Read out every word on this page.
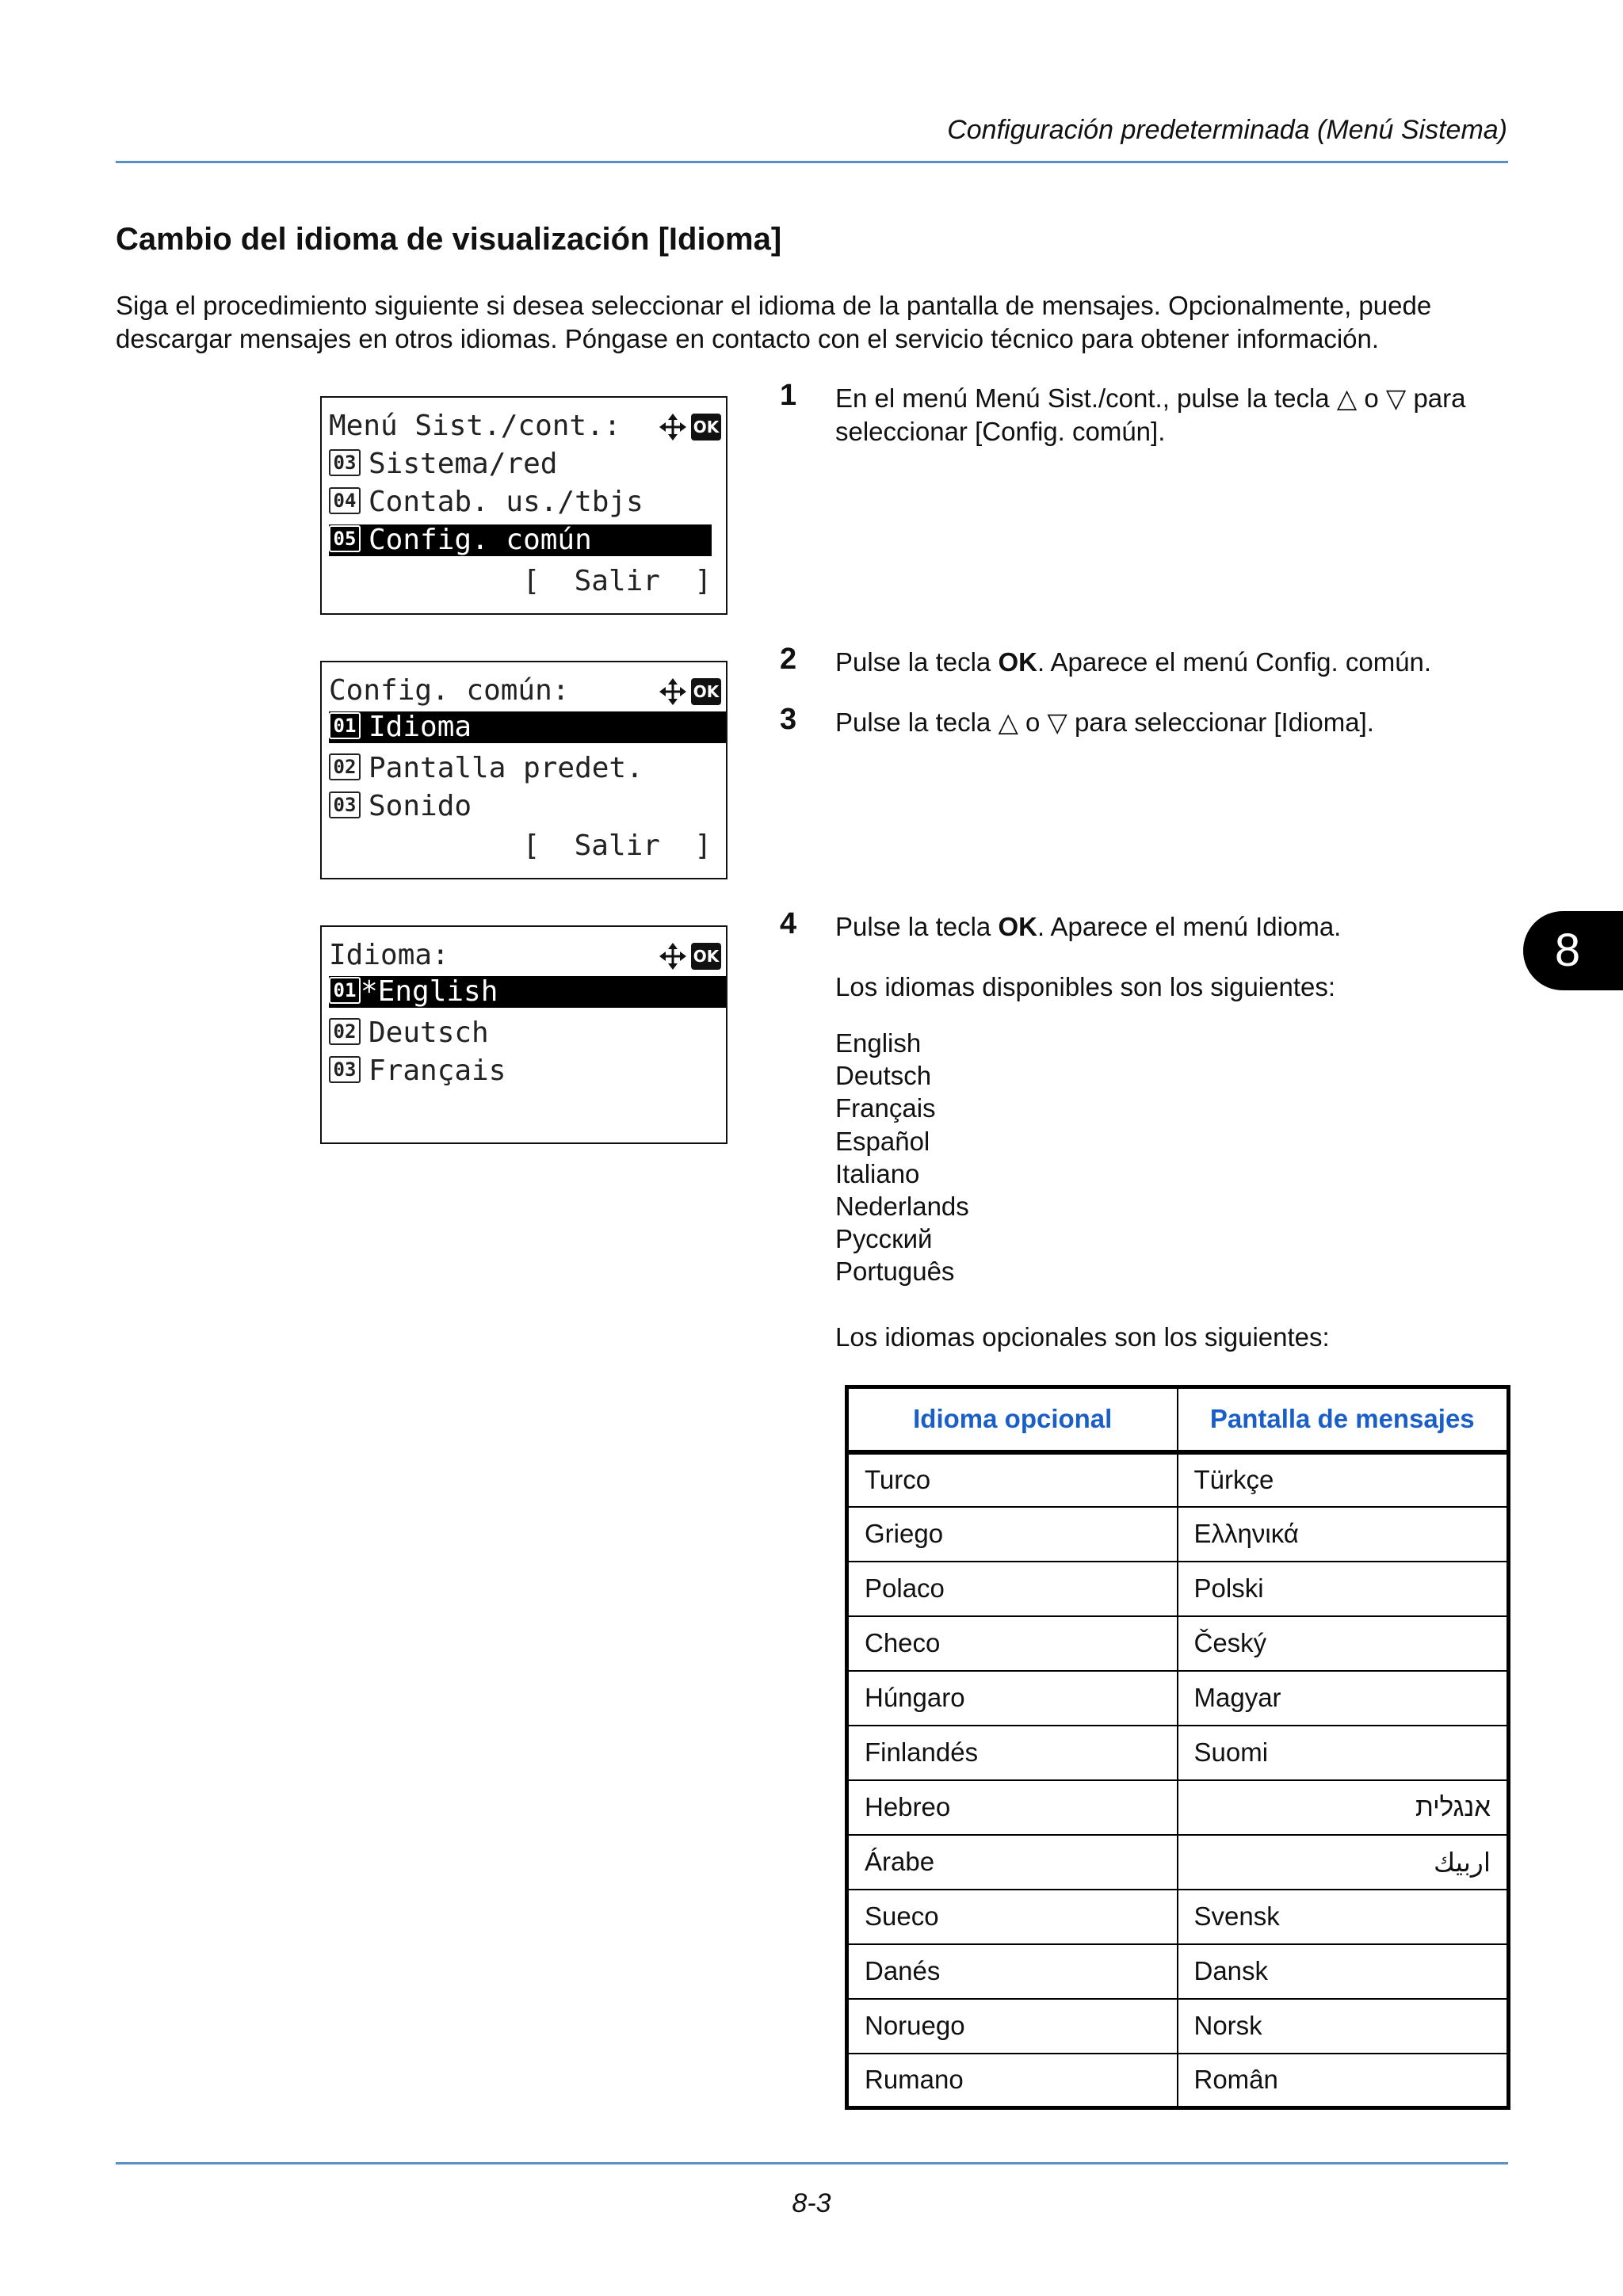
Configuración predeterminada (Menú Sistema)
Cambio del idioma de visualización [Idioma]
Siga el procedimiento siguiente si desea seleccionar el idioma de la pantalla de mensajes. Opcionalmente, puede descargar mensajes en otros idiomas. Póngase en contacto con el servicio técnico para obtener información.
Menú Sist./cont.:	OK
03 Sistema/red
04 Contab. us./tbjs
05 Config. común
[  Salir  ]
Config. común:	OK
01 Idioma
02 Pantalla predet.
03 Sonido
[  Salir  ]
Idioma:	OK
01 *English
02 Deutsch
03 Français
1 En el menú Menú Sist./cont., pulse la tecla △ o ▽ para seleccionar [Config. común].
2 Pulse la tecla OK. Aparece el menú Config. común.
3 Pulse la tecla △ o ▽ para seleccionar [Idioma].
4 Pulse la tecla OK. Aparece el menú Idioma.
Los idiomas disponibles son los siguientes:
English
Deutsch
Français
Español
Italiano
Nederlands
Русский
Português
Los idiomas opcionales son los siguientes:
Idioma opcional	Pantalla de mensajes
Turco	Türkçe
Griego	Ελληνικά
Polaco	Polski
Checo	Český
Húngaro	Magyar
Finlandés	Suomi
Hebreo	אנגלית
Árabe	اربيك
Sueco	Svensk
Danés	Dansk
Noruego	Norsk
Rumano	Român
8
8-3
